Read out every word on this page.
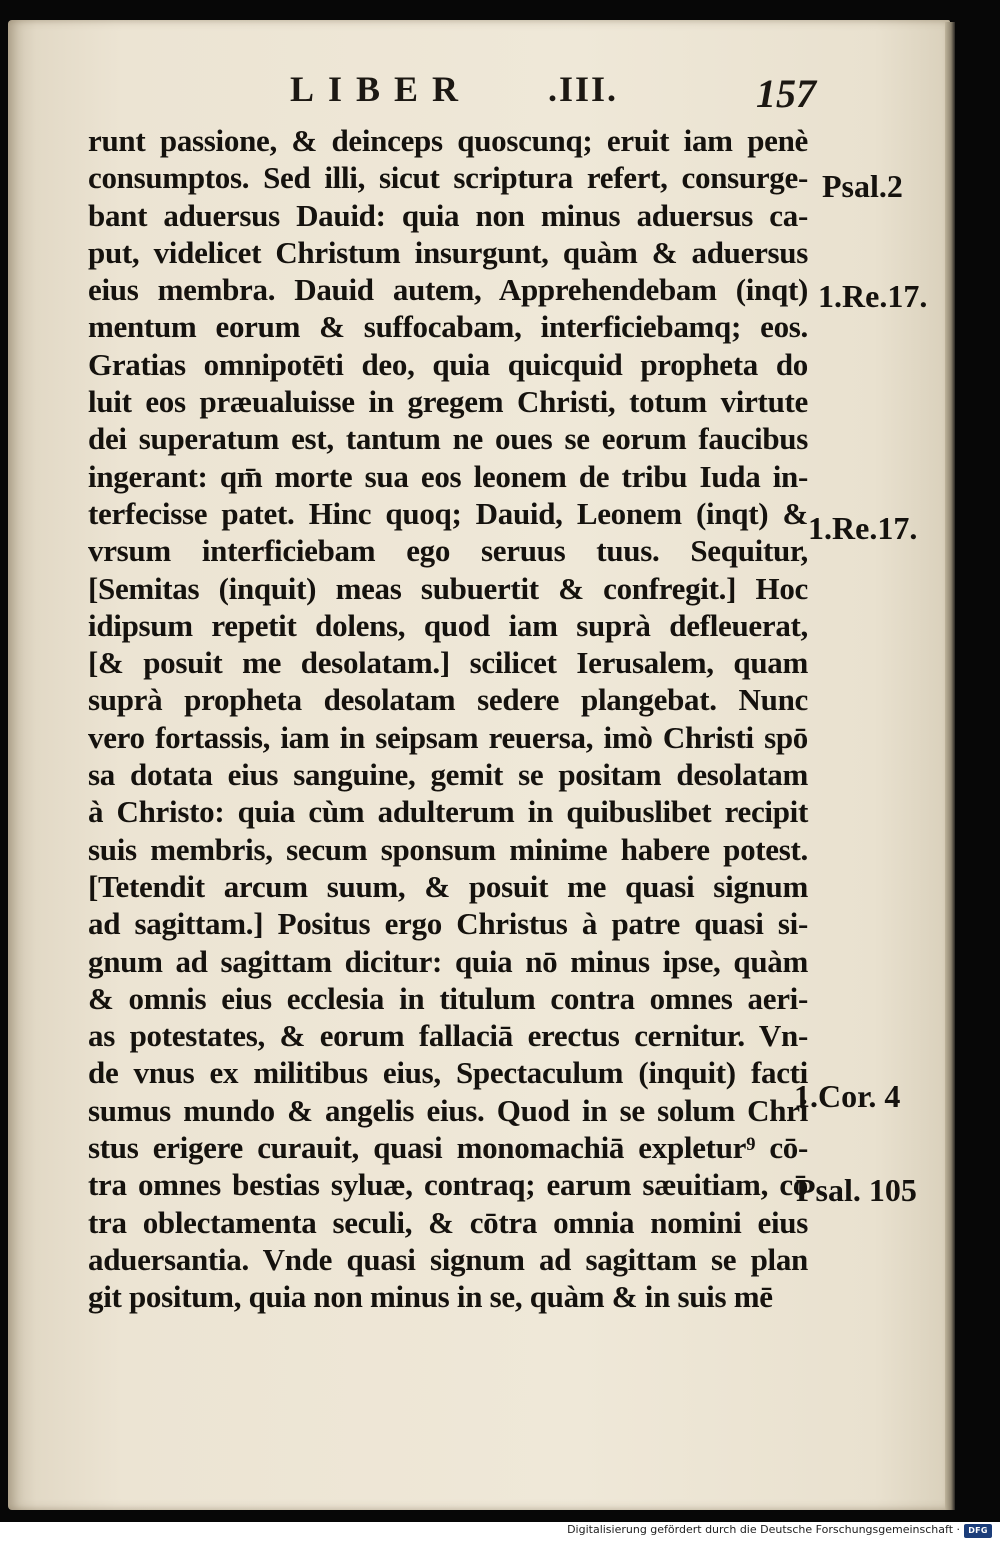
LIBER .III.	157
runt passione, & deinceps quoscunq; eruit iam penè
consumptos. Sed illi, sicut scriptura refert, consurge-
bant aduersus Dauid: quia non minus aduersus ca-
put, videlicet Christum insurgunt, quàm & aduersus
eius membra. Dauid autem, Apprehendebam (inqt)
mentum eorum & suffocabam, interficiebamq; eos.
Gratias omnipotēti deo, quia quicquid propheta do
luit eos præualuisse in gregem Christi, totum virtute
dei superatum est, tantum ne oues se eorum faucibus
ingerant: qm̄ morte sua eos leonem de tribu Iuda in-
terfecisse patet. Hinc quoq; Dauid, Leonem (inqt) &
vrsum interficiebam ego seruus tuus. Sequitur,
[Semitas (inquit) meas subuertit & confregit.] Hoc
idipsum repetit dolens, quod iam suprà defleuerat,
[& posuit me desolatam.] scilicet Ierusalem, quam
suprà propheta desolatam sedere plangebat. Nunc
vero fortassis, iam in seipsam reuersa, imò Christi spō
sa dotata eius sanguine, gemit se positam desolatam
à Christo: quia cùm adulterum in quibuslibet recipit
suis membris, secum sponsum minime habere potest.
[Tetendit arcum suum, & posuit me quasi signum
ad sagittam.] Positus ergo Christus à patre quasi si-
gnum ad sagittam dicitur: quia nō minus ipse, quàm
& omnis eius ecclesia in titulum contra omnes aeri-
as potestates, & eorum fallaciā erectus cernitur. Vn-
de vnus ex militibus eius, Spectaculum (inquit) facti
sumus mundo & angelis eius. Quod in se solum Chri
stus erigere curauit, quasi monomachiā expletur⁹ cō-
tra omnes bestias syluæ, contraq; earum sæuitiam, cō
tra oblectamenta seculi, & cōtra omnia nomini eius
aduersantia. Vnde quasi signum ad sagittam se plan
git positum, quia non minus in se, quàm & in suis mē
Psal.2
1.Re.17.
1.Re.17.
1.Cor. 4
Psal. 105
Digitalisierung gefördert durch die Deutsche Forschungsgemeinschaft ·	DFG
